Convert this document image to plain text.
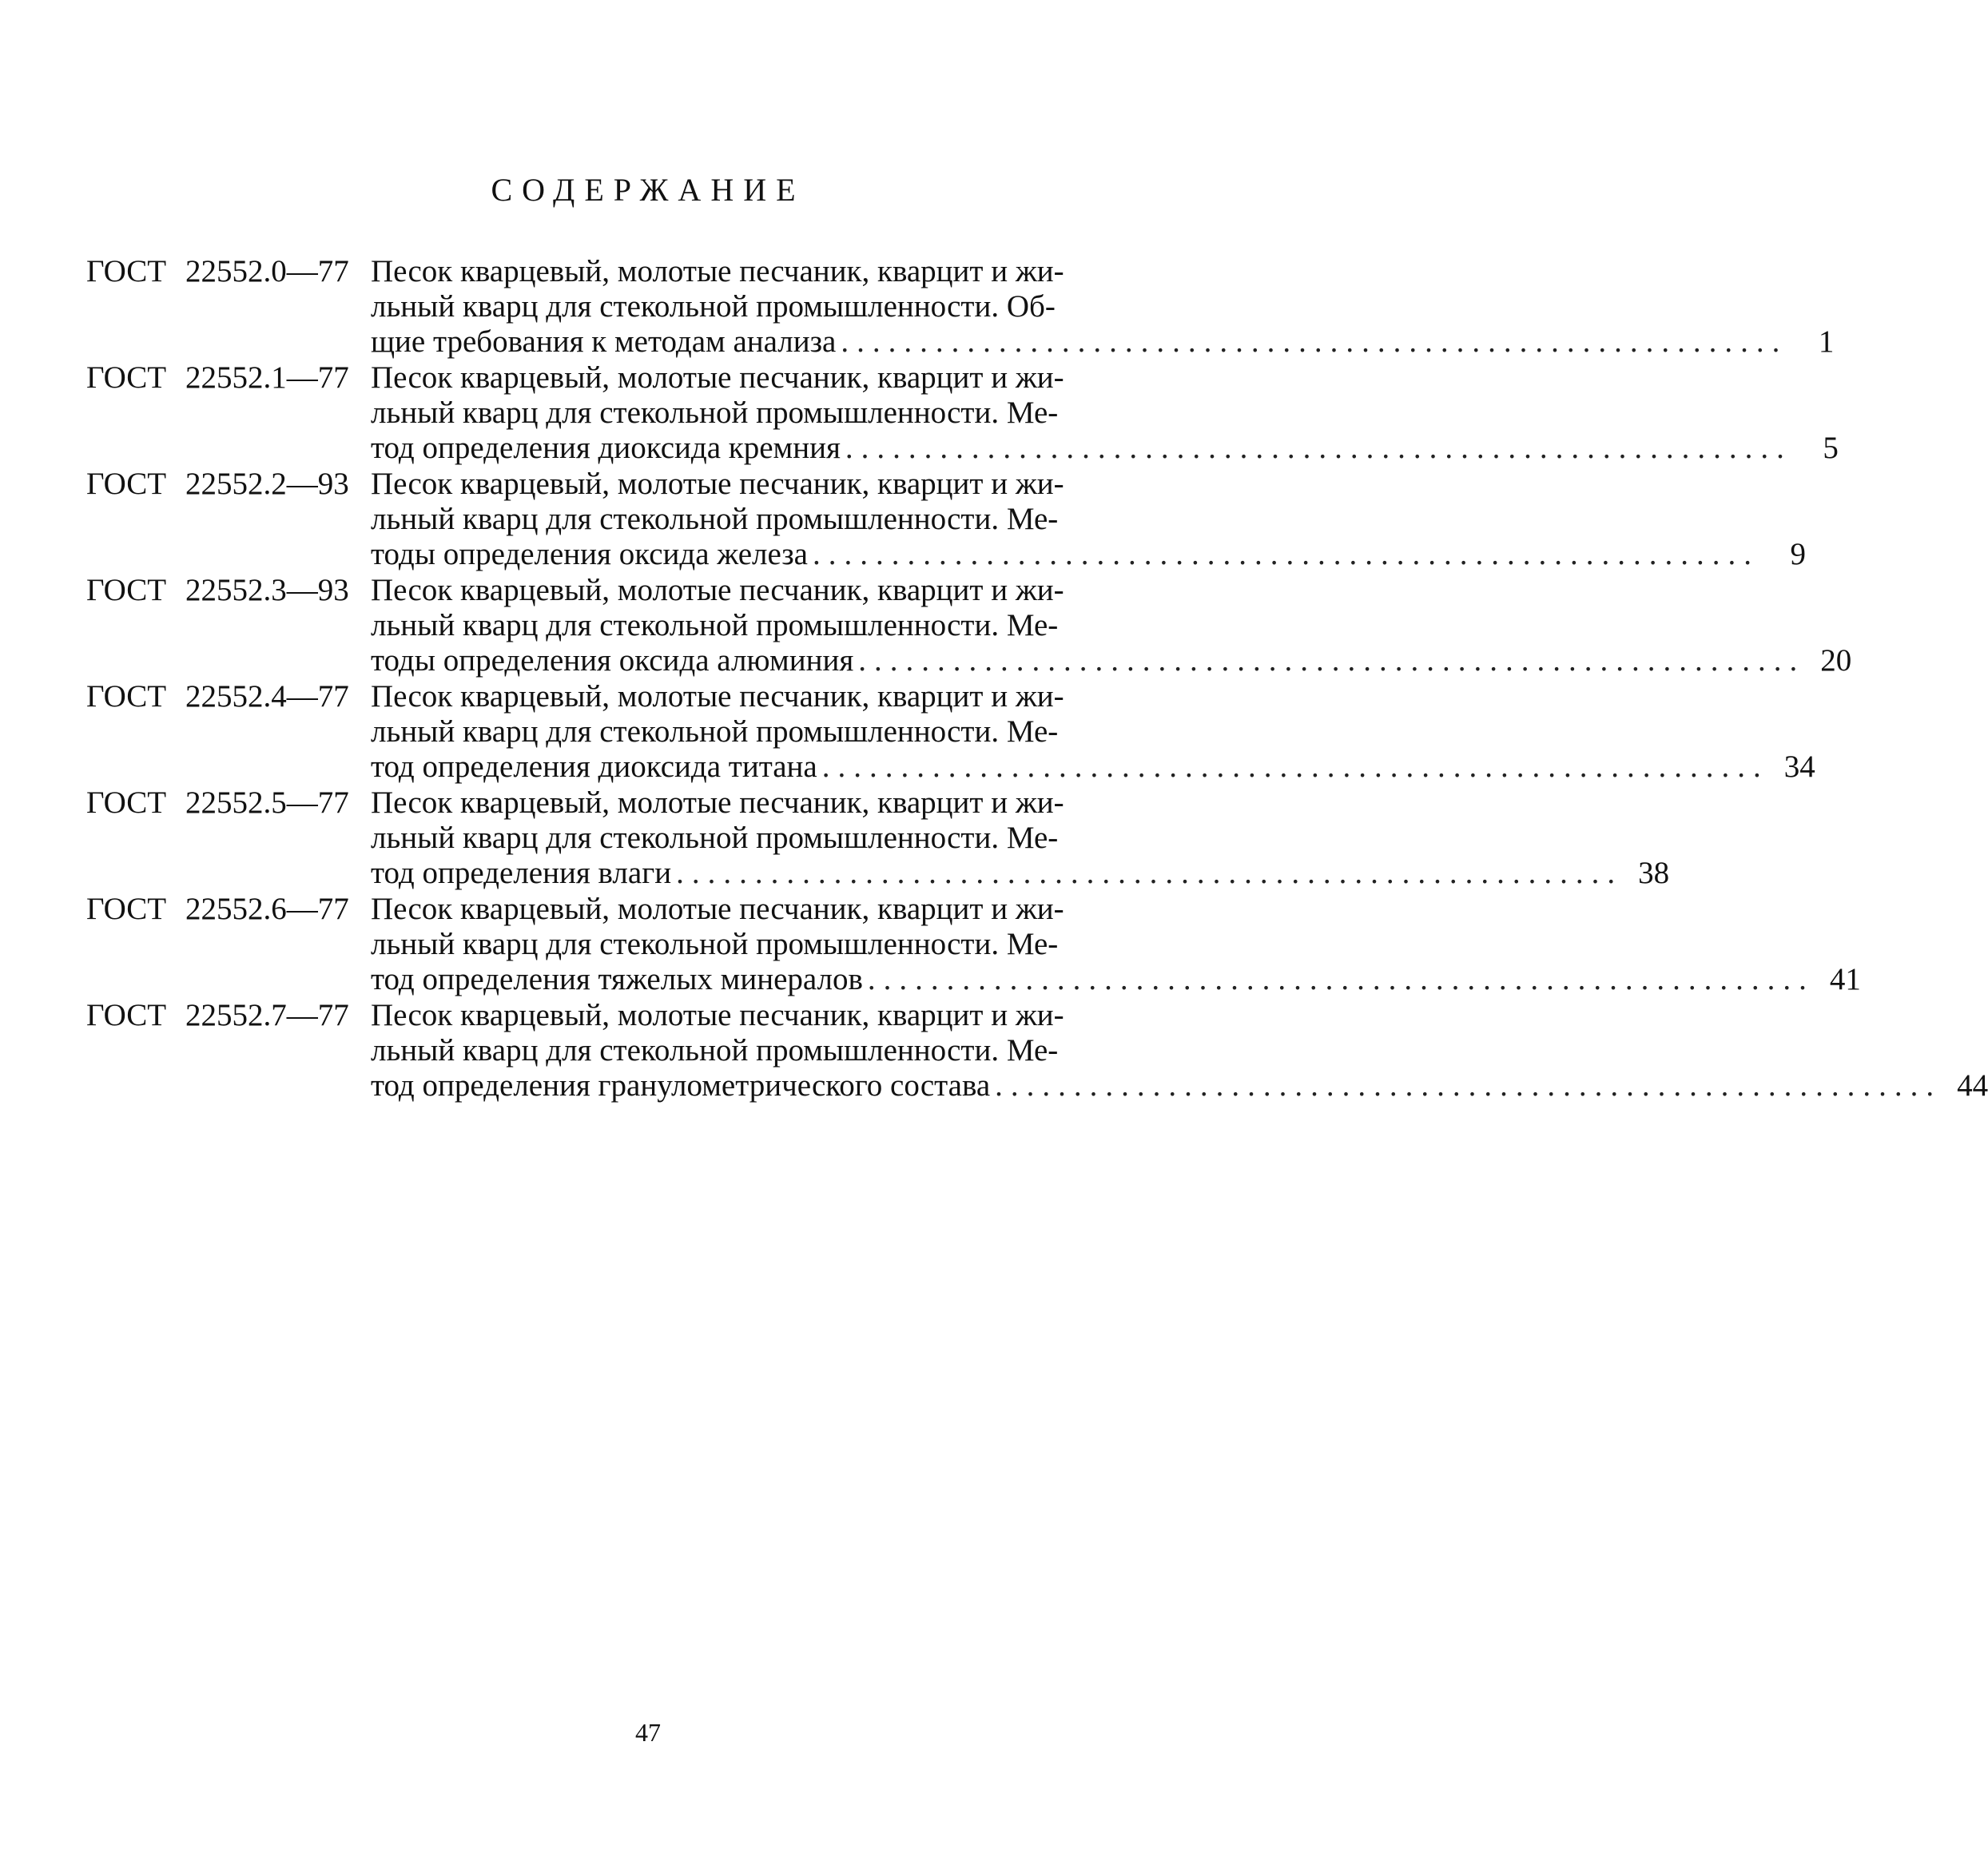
СОДЕРЖАНИЕ
ГОСТ 22552.0—77 Песок кварцевый, молотые песчаник, кварцит и жи-
льный кварц для стекольной промышленности. Об-
щие требования к методам анализа ............................................................ 1
ГОСТ 22552.1—77 Песок кварцевый, молотые песчаник, кварцит и жи-
льный кварц для стекольной промышленности. Ме-
тод определения диоксида кремния ............................................................ 5
ГОСТ 22552.2—93 Песок кварцевый, молотые песчаник, кварцит и жи-
льный кварц для стекольной промышленности. Ме-
тоды определения оксида железа ............................................................ 9
ГОСТ 22552.3—93 Песок кварцевый, молотые песчаник, кварцит и жи-
льный кварц для стекольной промышленности. Ме-
тоды определения оксида алюминия ............................................................ 20
ГОСТ 22552.4—77 Песок кварцевый, молотые песчаник, кварцит и жи-
льный кварц для стекольной промышленности. Ме-
тод определения диоксида титана ............................................................ 34
ГОСТ 22552.5—77 Песок кварцевый, молотые песчаник, кварцит и жи-
льный кварц для стекольной промышленности. Ме-
тод определения влаги ............................................................ 38
ГОСТ 22552.6—77 Песок кварцевый, молотые песчаник, кварцит и жи-
льный кварц для стекольной промышленности. Ме-
тод определения тяжелых минералов ............................................................ 41
ГОСТ 22552.7—77 Песок кварцевый, молотые песчаник, кварцит и жи-
льный кварц для стекольной промышленности. Ме-
тод определения гранулометрического состава ............................................................ 44
47
